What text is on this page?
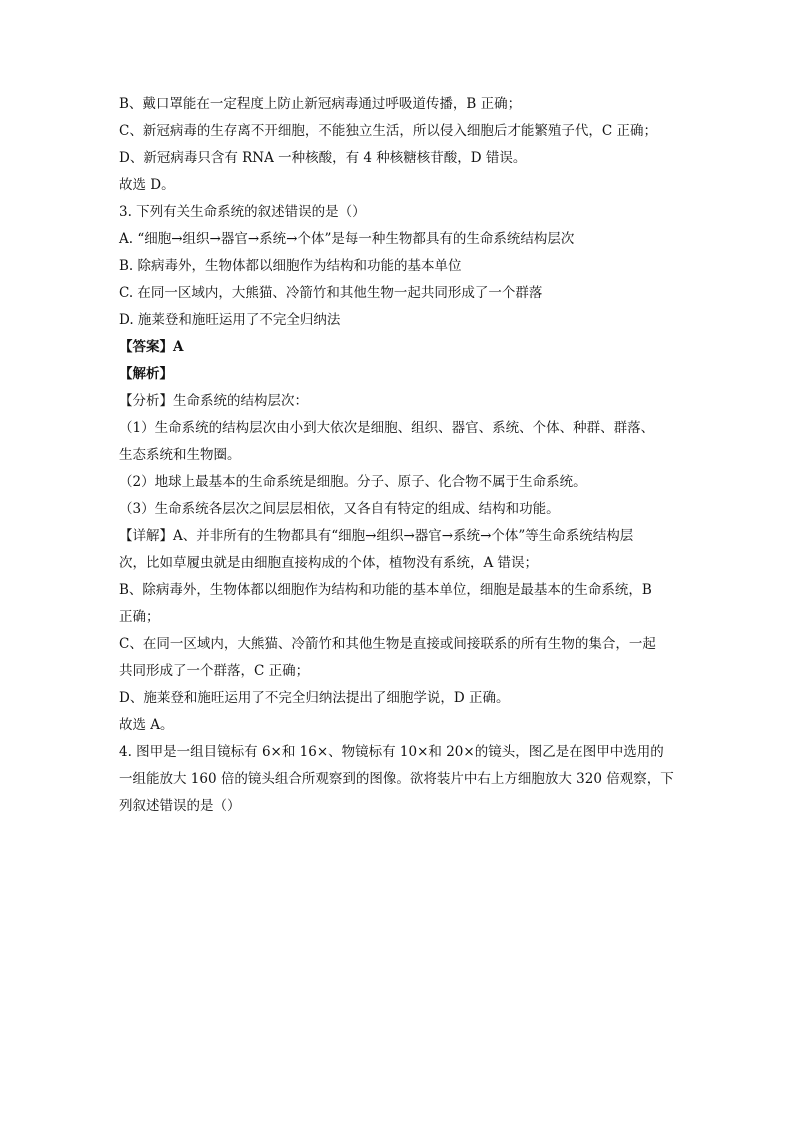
B、戴口罩能在一定程度上防止新冠病毒通过呼吸道传播，B 正确；
C、新冠病毒的生存离不开细胞，不能独立生活，所以侵入细胞后才能繁殖子代，C 正确；
D、新冠病毒只含有 RNA 一种核酸，有 4 种核糖核苷酸，D 错误。
故选 D。
3. 下列有关生命系统的叙述错误的是（）
A. “细胞→组织→器官→系统→个体”是每一种生物都具有的生命系统结构层次
B. 除病毒外，生物体都以细胞作为结构和功能的基本单位
C. 在同一区域内，大熊猫、冷箭竹和其他生物一起共同形成了一个群落
D. 施莱登和施旺运用了不完全归纳法
【答案】A
【解析】
【分析】生命系统的结构层次：
（1）生命系统的结构层次由小到大依次是细胞、组织、器官、系统、个体、种群、群落、
生态系统和生物圈。
（2）地球上最基本的生命系统是细胞。分子、原子、化合物不属于生命系统。
（3）生命系统各层次之间层层相依，又各自有特定的组成、结构和功能。
【详解】A、并非所有的生物都具有“细胞→组织→器官→系统→个体”等生命系统结构层
次，比如草履虫就是由细胞直接构成的个体，植物没有系统，A 错误；
B、除病毒外，生物体都以细胞作为结构和功能的基本单位，细胞是最基本的生命系统，B
正确；
C、在同一区域内，大熊猫、冷箭竹和其他生物是直接或间接联系的所有生物的集合，一起
共同形成了一个群落，C 正确；
D、施莱登和施旺运用了不完全归纳法提出了细胞学说，D 正确。
故选 A。
4. 图甲是一组目镜标有 6×和 16×、物镜标有 10×和 20×的镜头，图乙是在图甲中选用的
一组能放大 160 倍的镜头组合所观察到的图像。欲将装片中右上方细胞放大 320 倍观察，下
列叙述错误的是（）
